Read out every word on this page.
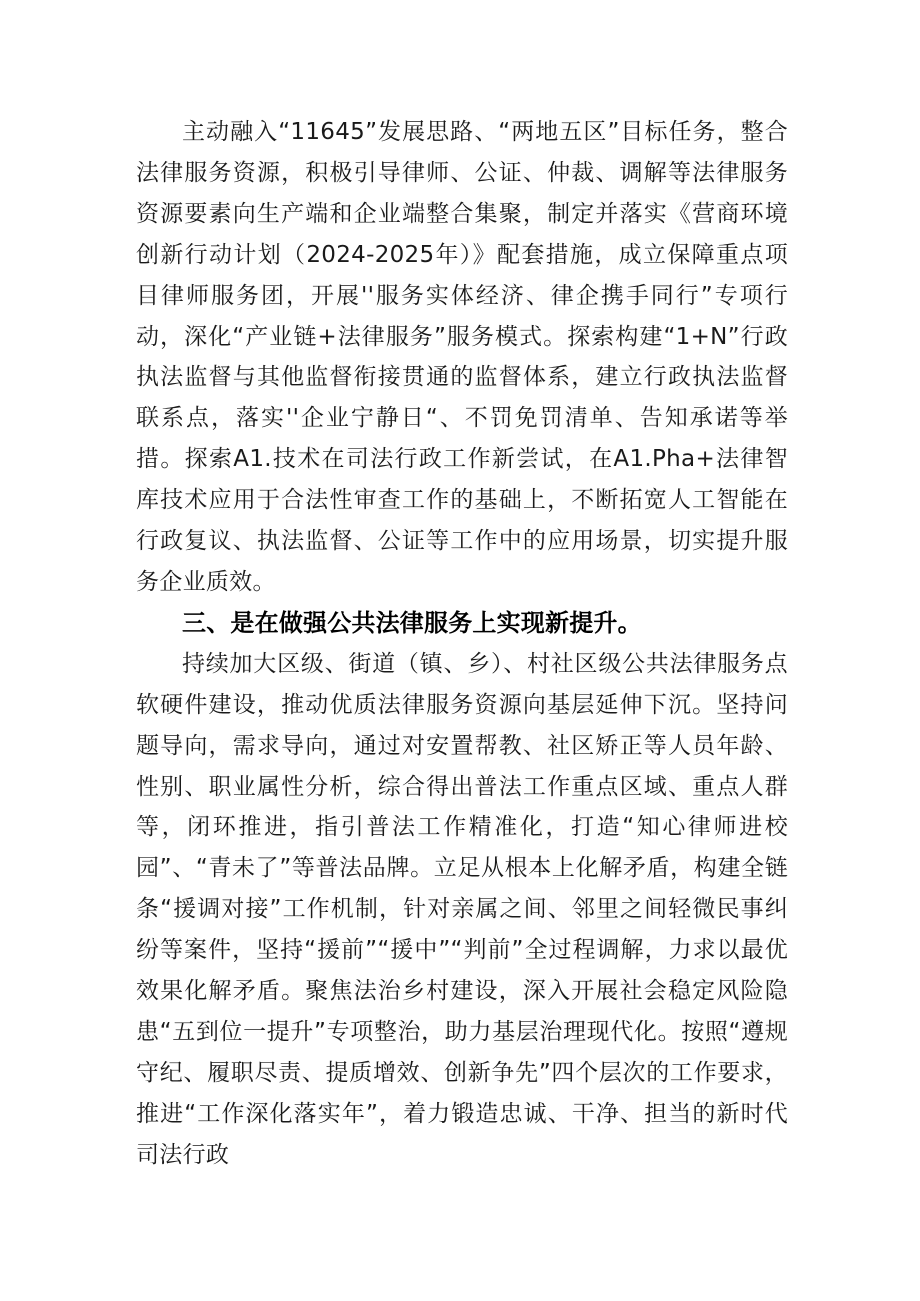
主动融入“11645”发展思路、“两地五区”目标任务，整合法律服务资源，积极引导律师、公证、仲裁、调解等法律服务资源要素向生产端和企业端整合集聚，制定并落实《营商环境创新行动计划（2024-2025年）》配套措施，成立保障重点项目律师服务团，开展''服务实体经济、律企携手同行”专项行动，深化“产业链+法律服务”服务模式。探索构建“1+N”行政执法监督与其他监督衔接贯通的监督体系，建立行政执法监督联系点，落实''企业宁静日“、不罚免罚清单、告知承诺等举措。探索A1.技术在司法行政工作新尝试，在A1.Pha+法律智库技术应用于合法性审查工作的基础上，不断拓宽人工智能在行政复议、执法监督、公证等工作中的应用场景，切实提升服务企业质效。

三、是在做强公共法律服务上实现新提升。

持续加大区级、街道（镇、乡）、村社区级公共法律服务点软硬件建设，推动优质法律服务资源向基层延伸下沉。坚持问题导向，需求导向，通过对安置帮教、社区矫正等人员年龄、性别、职业属性分析，综合得出普法工作重点区域、重点人群等，闭环推进，指引普法工作精准化，打造“知心律师进校园”、“青未了”等普法品牌。立足从根本上化解矛盾，构建全链条“援调对接”工作机制，针对亲属之间、邻里之间轻微民事纠纷等案件，坚持“援前”“援中”“判前”全过程调解，力求以最优效果化解矛盾。聚焦法治乡村建设，深入开展社会稳定风险隐患“五到位一提升”专项整治，助力基层治理现代化。按照“遵规守纪、履职尽责、提质增效、创新争先”四个层次的工作要求，推进“工作深化落实年”，着力锻造忠诚、干净、担当的新时代司法行政
